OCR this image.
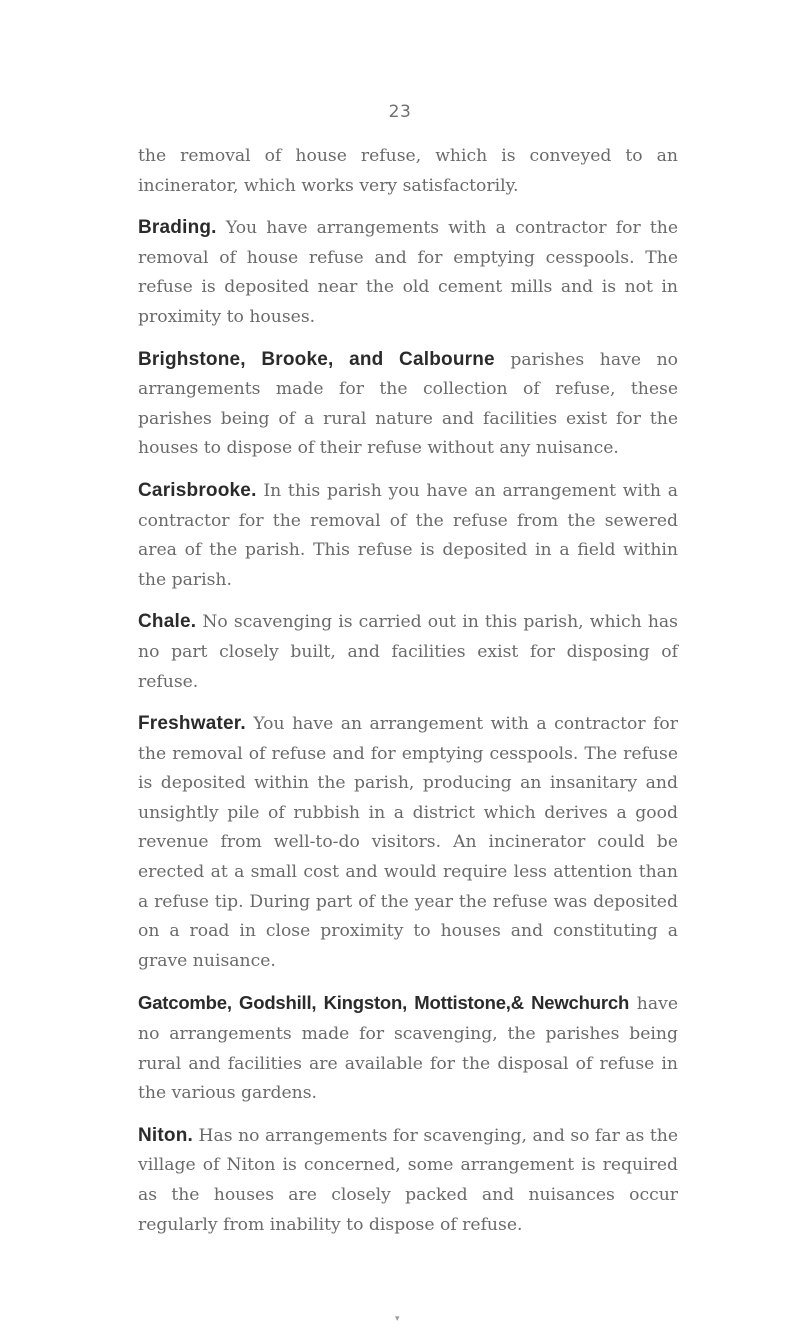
23

the removal of house refuse, which is conveyed to an incinerator, which works very satisfactorily.

Brading. You have arrangements with a contractor for the removal of house refuse and for emptying cesspools. The refuse is deposited near the old cement mills and is not in proximity to houses.

Brighstone, Brooke, and Calbourne parishes have no arrangements made for the collection of refuse, these parishes being of a rural nature and facilities exist for the houses to dispose of their refuse without any nuisance.

Carisbrooke. In this parish you have an arrangement with a contractor for the removal of the refuse from the sewered area of the parish. This refuse is deposited in a field within the parish.

Chale. No scavenging is carried out in this parish, which has no part closely built, and facilities exist for disposing of refuse.

Freshwater. You have an arrangement with a contractor for the removal of refuse and for emptying cesspools. The refuse is deposited within the parish, producing an insanitary and unsightly pile of rubbish in a district which derives a good revenue from well-to-do visitors. An incinerator could be erected at a small cost and would require less attention than a refuse tip. During part of the year the refuse was deposited on a road in close proximity to houses and constituting a grave nuisance.

Gatcombe, Godshill, Kingston, Mottistone,& Newchurch have no arrangements made for scavenging, the parishes being rural and facilities are available for the disposal of refuse in the various gardens.

Niton. Has no arrangements for scavenging, and so far as the village of Niton is concerned, some arrangement is required as the houses are closely packed and nuisances occur regularly from inability to dispose of refuse.

▾
